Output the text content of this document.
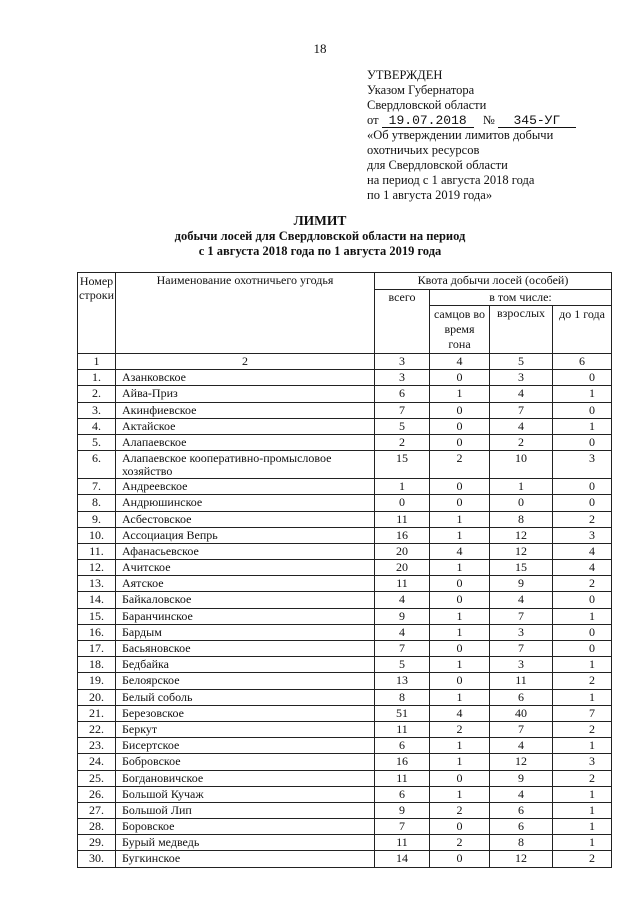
18
УТВЕРЖДЕН
Указом Губернатора
Свердловской области
от 19.07.2018 № 345-УГ
«Об утверждении лимитов добычи
охотничьих ресурсов
для Свердловской области
на период с 1 августа 2018 года
по 1 августа 2019 года»
ЛИМИТ
добычи лосей для Свердловской области на период
с 1 августа 2018 года по 1 августа 2019 года
Номер строки	Наименование охотничьего угодья	Квота добычи лосей (особей)			
		всего	в том числе:		
			самцов во время гона	взрослых	до 1 года
1	2	3	4	5	6
1.	Азанковское	3	0	3	0
2.	Айва-Приз	6	1	4	1
3.	Акинфиевское	7	0	7	0
4.	Актайское	5	0	4	1
5.	Алапаевское	2	0	2	0
6.	Алапаевское кооперативно-промысловое хозяйство	15	2	10	3
7.	Андреевское	1	0	1	0
8.	Андрюшинское	0	0	0	0
9.	Асбестовское	11	1	8	2
10.	Ассоциация Вепрь	16	1	12	3
11.	Афанасьевское	20	4	12	4
12.	Ачитское	20	1	15	4
13.	Аятское	11	0	9	2
14.	Байкаловское	4	0	4	0
15.	Баранчинское	9	1	7	1
16.	Бардым	4	1	3	0
17.	Басьяновское	7	0	7	0
18.	Бедбайка	5	1	3	1
19.	Белоярское	13	0	11	2
20.	Белый соболь	8	1	6	1
21.	Березовское	51	4	40	7
22.	Беркут	11	2	7	2
23.	Бисертское	6	1	4	1
24.	Бобровское	16	1	12	3
25.	Богдановичское	11	0	9	2
26.	Большой Кучаж	6	1	4	1
27.	Большой Лип	9	2	6	1
28.	Боровское	7	0	6	1
29.	Бурый медведь	11	2	8	1
30.	Бугкинское	14	0	12	2
